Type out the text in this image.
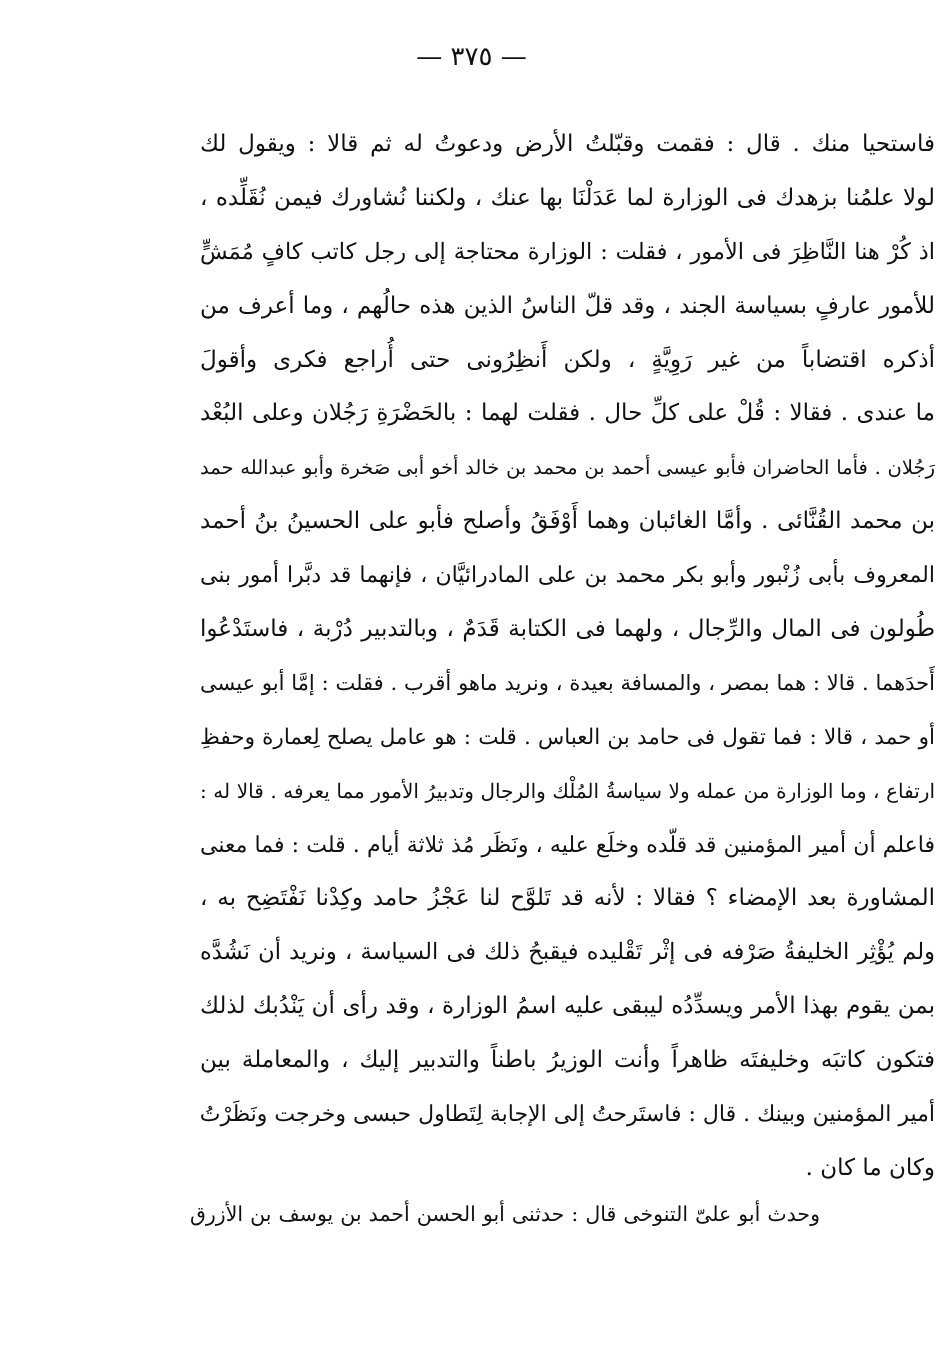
— ٣٧٥ —
فاستحيا منك . قال : فقمت وقبّلتُ الأرض ودعوتُ له ثم قالا : ويقول لك
لولا علمُنا بزهدك فى الوزارة لما عَدَلْنَا بها عنك ، ولكننا نُشاورك فيمن نُقَلِّده ،
اذ كُرْ هنا النَّاظِرَ فى الأمور ، فقلت : الوزارة محتاجة إلى رجل كاتب كافٍ مُمَشٍّ
للأمور عارفٍ بسياسة الجند ، وقد قلّ الناسُ الذين هذه حالُهم ، وما أعرف من
أذكره اقتضاباً من غير رَوِيَّةٍ ، ولكن أَنظِرُونى حتى أُراجع فكرى وأقولَ
ما عندى . فقالا : قُلْ على كلِّ حال . فقلت لهما : بالحَضْرَةِ رَجُلان وعلى البُعْد
رَجُلان . فأما الحاضران فأبو عيسى أحمد بن محمد بن خالد أخو أبى صَخرة وأبو عبدالله حمد
بن محمد القُنَّائى . وأمَّا الغائبان وهما أَوْفَقُ وأصلح فأبو على الحسينُ بنُ أحمد
المعروف بأبى زُنْبور وأبو بكر محمد بن على المادرائيَّان ، فإنهما قد دبَّرا أمور بنى
طُولون فى المال والرِّجال ، ولهما فى الكتابة قَدَمٌ ، وبالتدبير دُرْبة ، فاستَدْعُوا
أَحدَهما . قالا : هما بمصر ، والمسافة بعيدة ، ونريد ماهو أقرب . فقلت : إمَّا أبو عيسى
أو حمد ، قالا : فما تقول فى حامد بن العباس . قلت : هو عامل يصلح لِعمارة وحفظِ
ارتفاع ، وما الوزارة من عمله ولا سياسةُ المُلْك والرجال وتدبيرُ الأمور مما يعرفه . قالا له :
فاعلم أن أمير المؤمنين قد قلّده وخلَع عليه ، ونَظَر مُذ ثلاثة أيام . قلت : فما معنى
المشاورة بعد الإمضاء ؟ فقالا : لأنه قد تَلوَّح لنا عَجْزُ حامد وكِدْنا نَفْتَضِح به ،
ولم يُؤْثِر الخليفةُ صَرْفه فى إثْر تَقْليده فيقبحُ ذلك فى السياسة ، ونريد أن نَشُدَّه
بمن يقوم بهذا الأمر ويسدِّدُه ليبقى عليه اسمُ الوزارة ، وقد رأى أن يَنْدُبك لذلك
فتكون كاتبَه وخليفتَه ظاهراً وأنت الوزيرُ باطناً والتدبير إليك ، والمعاملة بين
أمير المؤمنين وبينك . قال : فاستَرحتُ إلى الإجابة لِتَطاول حبسى وخرجت ونَظَرْتُ
وكان ما كان .
وحدث أبو علىّ التنوخى قال : حدثنى أبو الحسن أحمد بن يوسف بن الأزرق
